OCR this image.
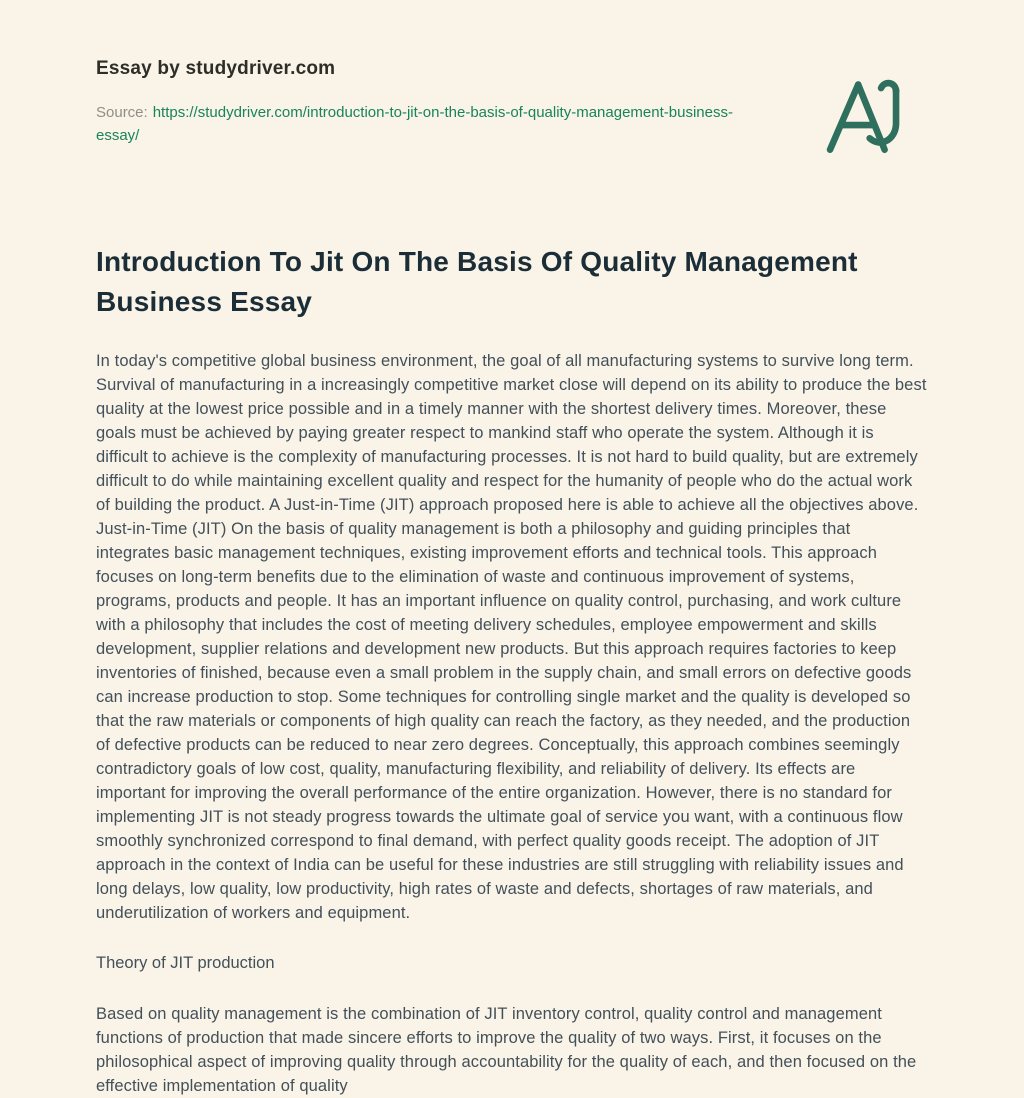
Essay by studydriver.com

Source: https://studydriver.com/introduction-to-jit-on-the-basis-of-quality-management-business-essay/

Introduction To Jit On The Basis Of Quality Management Business Essay

In today's competitive global business environment, the goal of all manufacturing systems to survive long term. Survival of manufacturing in a increasingly competitive market close will depend on its ability to produce the best quality at the lowest price possible and in a timely manner with the shortest delivery times. Moreover, these goals must be achieved by paying greater respect to mankind staff who operate the system. Although it is difficult to achieve is the complexity of manufacturing processes. It is not hard to build quality, but are extremely difficult to do while maintaining excellent quality and respect for the humanity of people who do the actual work of building the product. A Just-in-Time (JIT) approach proposed here is able to achieve all the objectives above. Just-in-Time (JIT) On the basis of quality management is both a philosophy and guiding principles that integrates basic management techniques, existing improvement efforts and technical tools. This approach focuses on long-term benefits due to the elimination of waste and continuous improvement of systems, programs, products and people. It has an important influence on quality control, purchasing, and work culture with a philosophy that includes the cost of meeting delivery schedules, employee empowerment and skills development, supplier relations and development new products. But this approach requires factories to keep inventories of finished, because even a small problem in the supply chain, and small errors on defective goods can increase production to stop. Some techniques for controlling single market and the quality is developed so that the raw materials or components of high quality can reach the factory, as they needed, and the production of defective products can be reduced to near zero degrees. Conceptually, this approach combines seemingly contradictory goals of low cost, quality, manufacturing flexibility, and reliability of delivery. Its effects are important for improving the overall performance of the entire organization. However, there is no standard for implementing JIT is not steady progress towards the ultimate goal of service you want, with a continuous flow smoothly synchronized correspond to final demand, with perfect quality goods receipt. The adoption of JIT approach in the context of India can be useful for these industries are still struggling with reliability issues and long delays, low quality, low productivity, high rates of waste and defects, shortages of raw materials, and underutilization of workers and equipment.

Theory of JIT production

Based on quality management is the combination of JIT inventory control, quality control and management functions of production that made sincere efforts to improve the quality of two ways. First, it focuses on the philosophical aspect of improving quality through accountability for the quality of each, and then focused on the effective implementation of quality
